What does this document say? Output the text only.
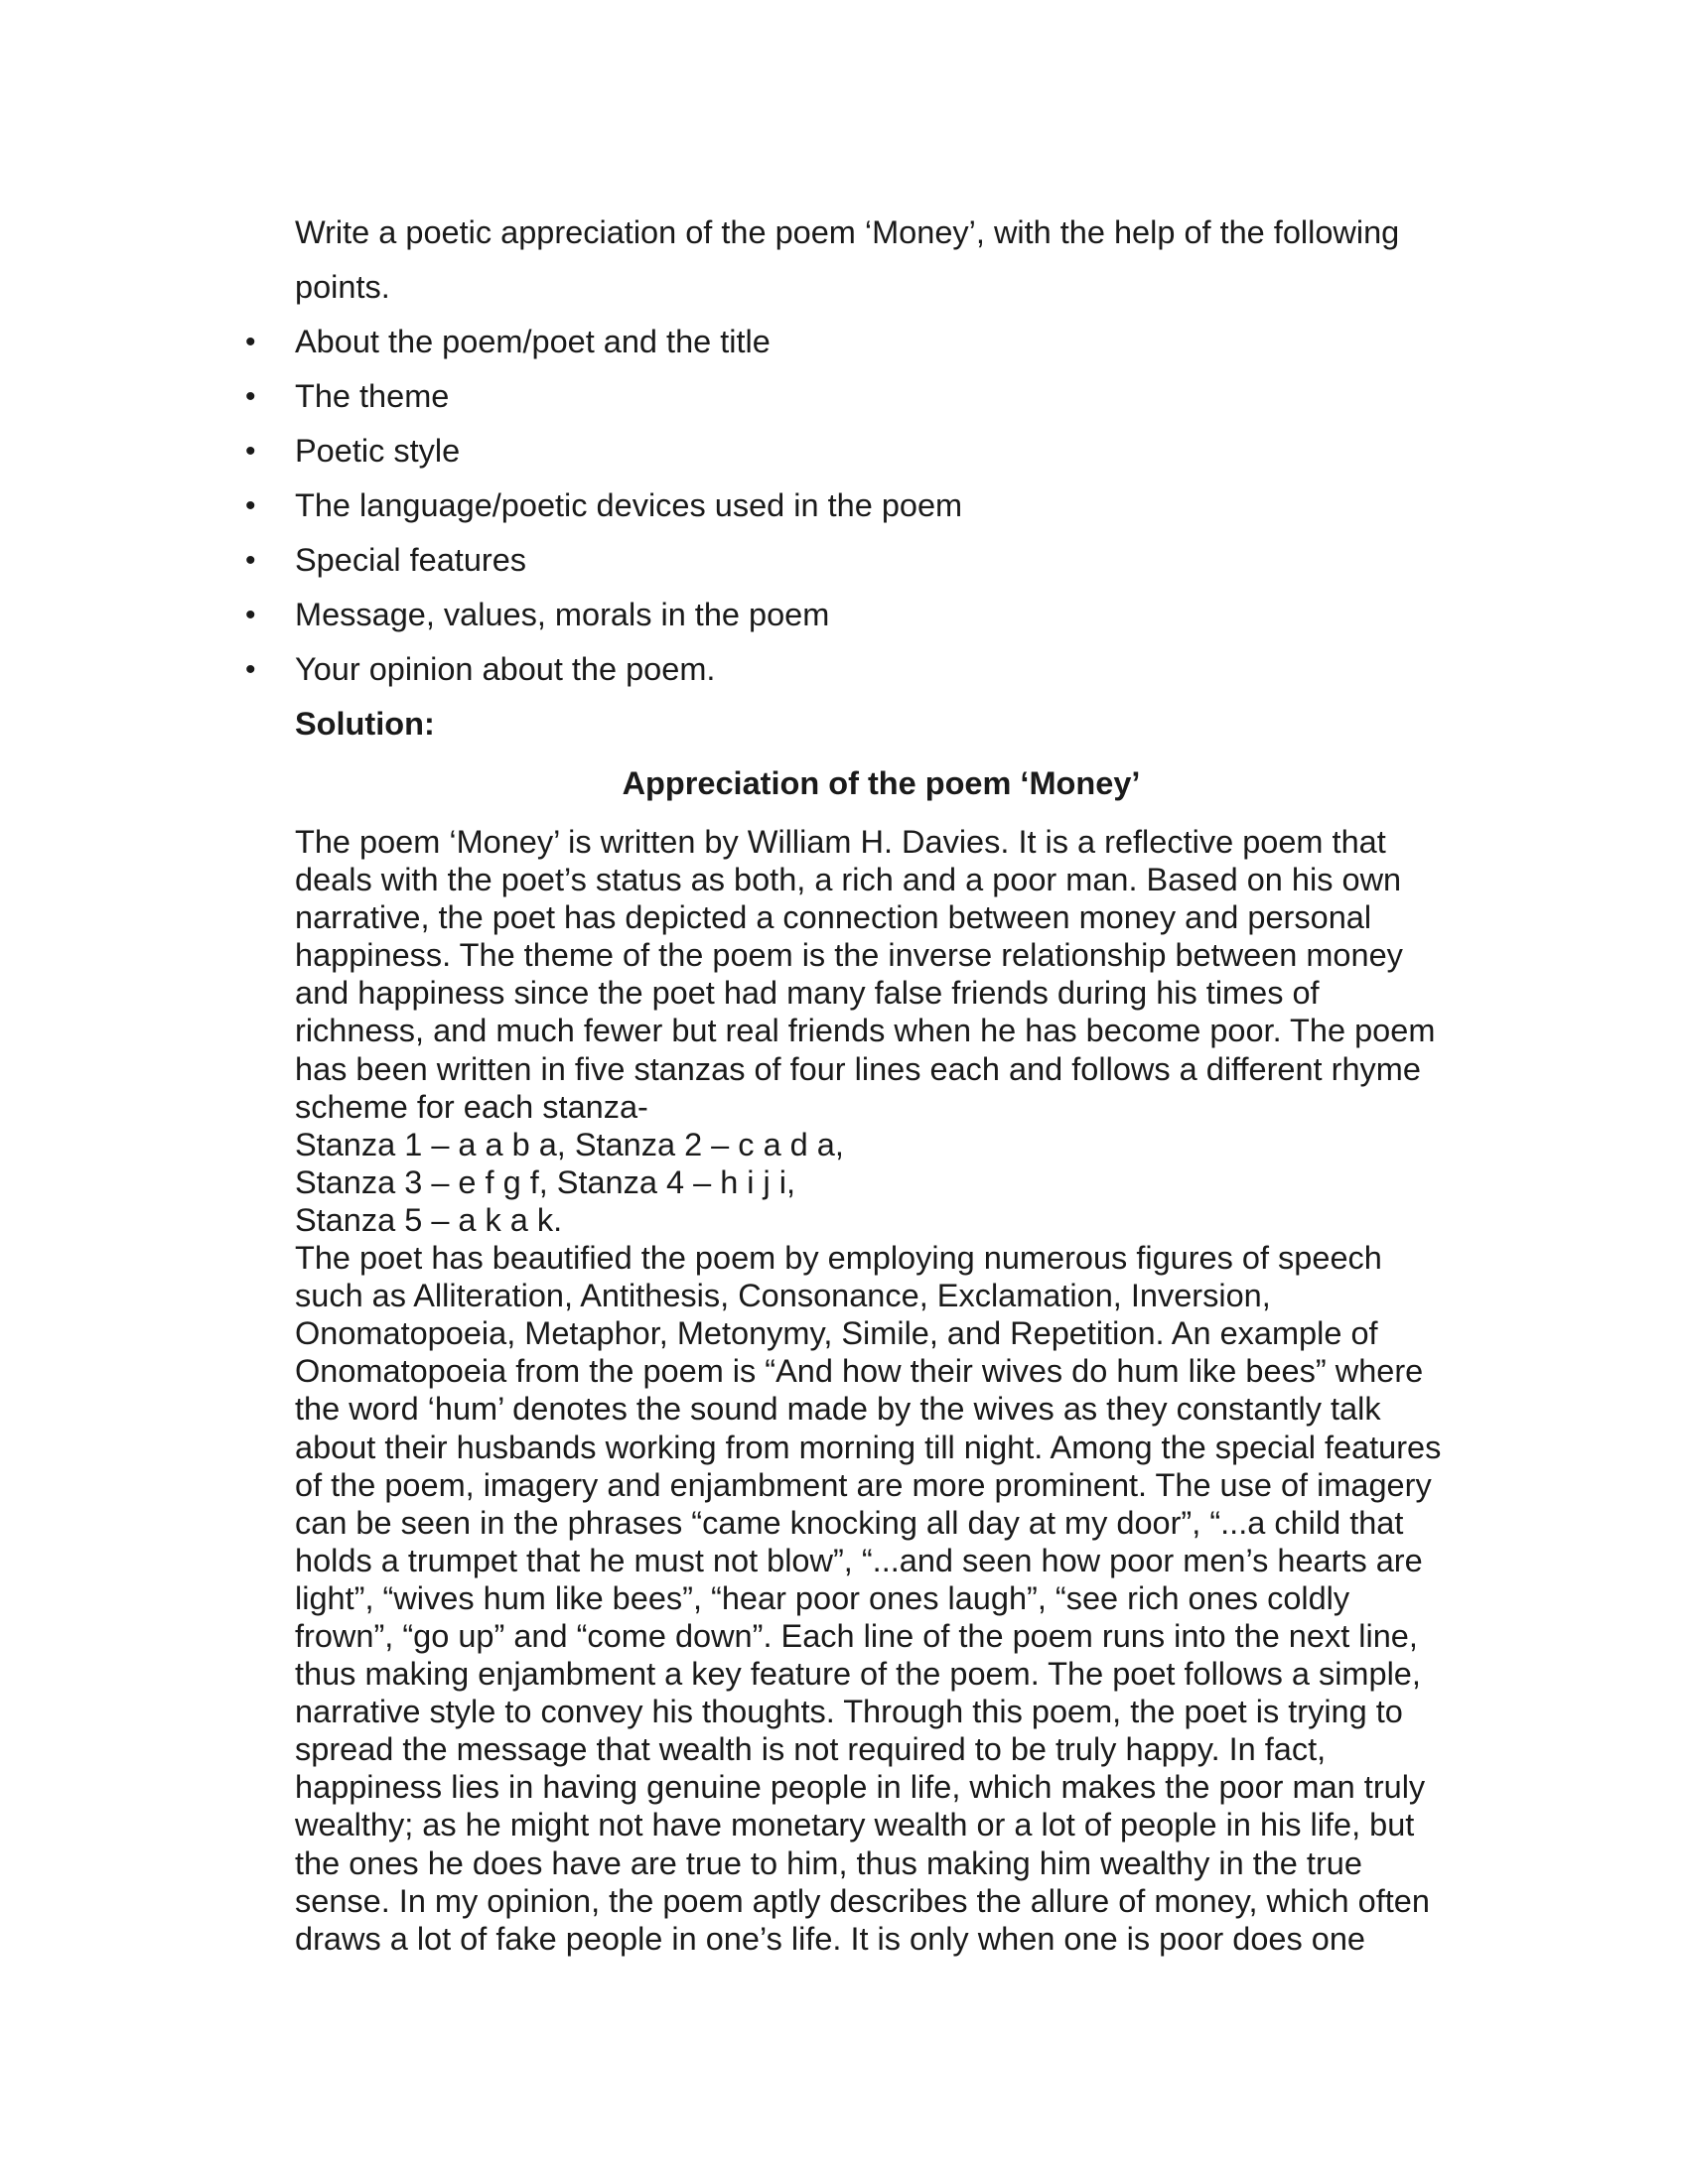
Write a poetic appreciation of the poem ‘Money’, with the help of the following
points.
• About the poem/poet and the title
• The theme
• Poetic style
• The language/poetic devices used in the poem
• Special features
• Message, values, morals in the poem
• Your opinion about the poem.
Solution:
Appreciation of the poem ‘Money’
The poem ‘Money’ is written by William H. Davies. It is a reflective poem that
deals with the poet’s status as both, a rich and a poor man. Based on his own
narrative, the poet has depicted a connection between money and personal
happiness. The theme of the poem is the inverse relationship between money
and happiness since the poet had many false friends during his times of
richness, and much fewer but real friends when he has become poor. The poem
has been written in five stanzas of four lines each and follows a different rhyme
scheme for each stanza-
Stanza 1 – a a b a, Stanza 2 – c a d a,
Stanza 3 – e f g f, Stanza 4 – h i j i,
Stanza 5 – a k a k.
The poet has beautified the poem by employing numerous figures of speech
such as Alliteration, Antithesis, Consonance, Exclamation, Inversion,
Onomatopoeia, Metaphor, Metonymy, Simile, and Repetition. An example of
Onomatopoeia from the poem is “And how their wives do hum like bees” where
the word ‘hum’ denotes the sound made by the wives as they constantly talk
about their husbands working from morning till night. Among the special features
of the poem, imagery and enjambment are more prominent. The use of imagery
can be seen in the phrases “came knocking all day at my door”, “...a child that
holds a trumpet that he must not blow”, “...and seen how poor men’s hearts are
light”, “wives hum like bees”, “hear poor ones laugh”, “see rich ones coldly
frown”, “go up” and “come down”. Each line of the poem runs into the next line,
thus making enjambment a key feature of the poem. The poet follows a simple,
narrative style to convey his thoughts. Through this poem, the poet is trying to
spread the message that wealth is not required to be truly happy. In fact,
happiness lies in having genuine people in life, which makes the poor man truly
wealthy; as he might not have monetary wealth or a lot of people in his life, but
the ones he does have are true to him, thus making him wealthy in the true
sense. In my opinion, the poem aptly describes the allure of money, which often
draws a lot of fake people in one’s life. It is only when one is poor does one
